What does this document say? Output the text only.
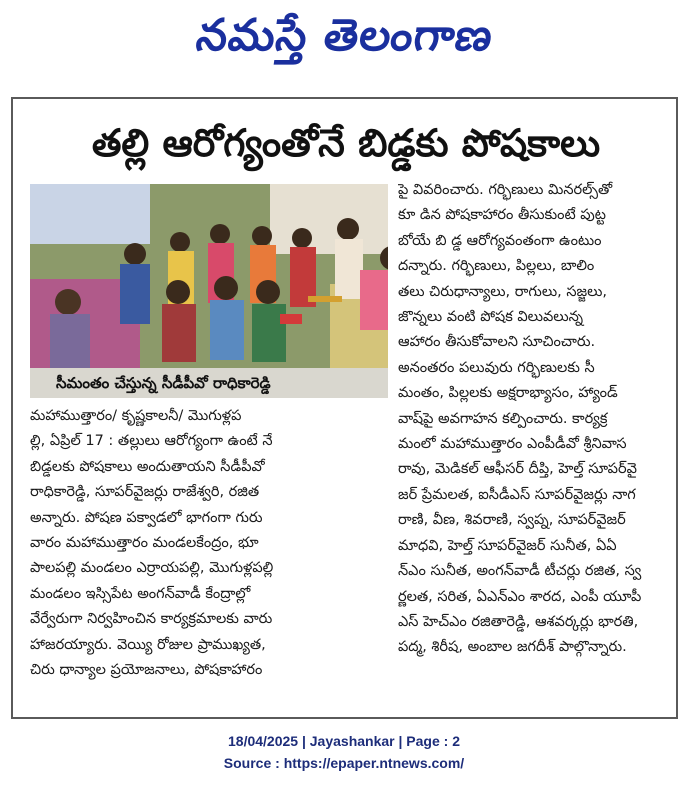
నమస్తే తెలంగాణ
తల్లి ఆరోగ్యంతోనే బిడ్డకు పోషకాలు
సీమంతం చేస్తున్న సీడీపీవో రాధికారెడ్డి

మహాముత్తారం/ కృష్ణకాలనీ/ మొగుళ్లప

ల్లి, ఏప్రిల్ 17 : తల్లులు ఆరోగ్యంగా ఉంటే నే

బిడ్డలకు పోషకాలు అందుతాయని సీడీపీవో

రాధికారెడ్డి, సూపర్‌వైజర్లు రాజేశ్వరి, రజిత

అన్నారు. పోషణ పక్వాడలో భాగంగా గురు

వారం మహాముత్తారం మండలకేంద్రం, భూ

పాలపల్లి మండలం ఎర్రాయపల్లి, మొగుళ్లపల్లి

మండలం ఇస్సిపేట అంగన్‌వాడీ కేంద్రాల్లో

వేర్వేరుగా నిర్వహించిన కార్యక్రమాలకు వారు

హాజరయ్యారు. వెయ్యి రోజుల ప్రాముఖ్యత,

చిరు ధాన్యాల ప్రయోజనాలు, పోషకాహారం

పై వివరించారు. గర్భిణులు మినరల్స్‌తో

కూ డిన పోషకాహారం తీసుకుంటే పుట్ట

బోయే బి డ్డ ఆరోగ్యవంతంగా ఉంటుం

దన్నారు. గర్భిణులు, పిల్లలు, బాలిం

తలు చిరుధాన్యాలు, రాగులు, సజ్జలు,

జొన్నలు వంటి పోషక విలువలున్న

ఆహారం తీసుకోవాలని సూచించారు.

అనంతరం పలువురు గర్భిణులకు సీ

మంతం, పిల్లలకు అక్షరాభ్యాసం, హ్యాండ్

వాష్‌పై అవగాహన కల్పించారు. కార్యక్ర

మంలో మహాముత్తారం ఎంపీడీవో శ్రీనివాస

రావు, మెడికల్ ఆఫీసర్ దీప్తి, హెల్త్ సూపర్‌వై

జర్ ప్రేమలత, ఐసీడీఎస్ సూపర్‌వైజర్లు నాగ

రాణి, వీణ, శివరాణి, స్వప్న, సూపర్‌వైజర్

మాధవి, హెల్త్ సూపర్‌వైజర్ సునీత, ఏఏ

న్ఎం సునీత, అంగన్‌వాడీ టీచర్లు రజిత, స్వ

ర్ణలత, సరిత, ఏఎన్ఎం శారద, ఎంపీ యూపీ

ఎస్ హెచ్ఎం రజితారెడ్డి, ఆశవర్కర్లు భారతి,

పద్మ, శిరీష, అంబాల జగదీశ్ పాల్గొన్నారు.

18/04/2025 | Jayashankar | Page : 2
Source : https://epaper.ntnews.com/
